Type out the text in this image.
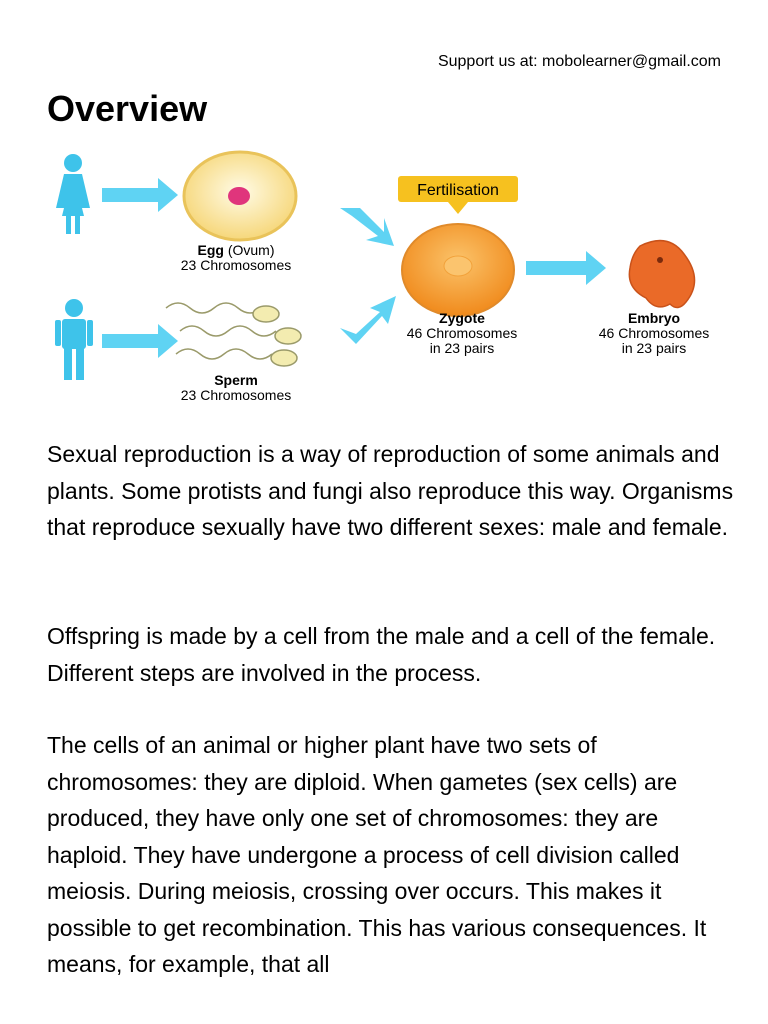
Support us at: mobolearner@gmail.com
Overview
Fertilisation
Egg (Ovum)
23 Chromosomes
Sperm
23 Chromosomes
Zygote
46 Chromosomes
in 23 pairs
Embryo
46 Chromosomes
in 23 pairs

Sexual reproduction is a way of reproduction of some animals and plants. Some protists and fungi also reproduce this way. Organisms that reproduce sexually have two different sexes: male and female.

Offspring is made by a cell from the male and a cell of the female. Different steps are involved in the process.

The cells of an animal or higher plant have two sets of chromosomes: they are diploid. When gametes (sex cells) are produced, they have only one set of chromosomes: they are haploid. They have undergone a process of cell division called meiosis. During meiosis, crossing over occurs. This makes it possible to get recombination. This has various consequences. It means, for example, that all
